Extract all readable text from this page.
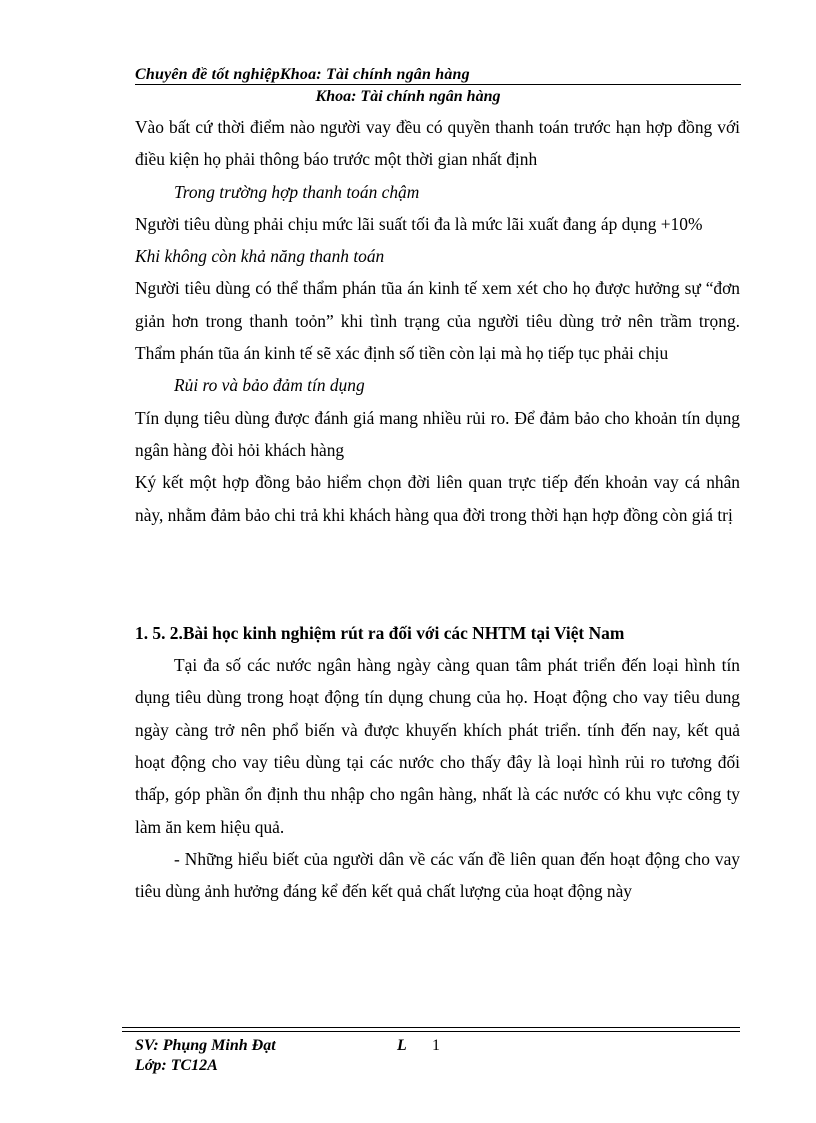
Chuyên đề tốt nghiệpKhoa: Tài chính ngân hàng
Khoa: Tài chính ngân hàng

Vào bất cứ thời điểm nào người vay đều có quyền thanh toán trước hạn hợp đồng với điều kiện họ phải thông báo trước một thời gian nhất định

Trong trường hợp thanh toán chậm

Người tiêu dùng phải chịu mức lãi suất tối đa là mức lãi xuất đang áp dụng +10%

Khi không còn khả năng thanh toán

Người tiêu dùng có thể thẩm phán tũa án kinh tế xem xét cho họ được hưởng sự “đơn giản hơn trong thanh toỏn” khi tình trạng của người tiêu dùng trở nên trầm trọng. Thẩm phán tũa án kinh tế sẽ xác định số tiền còn lại mà họ tiếp tục phải chịu

Rủi ro và bảo đảm tín dụng

Tín dụng tiêu dùng được đánh giá mang nhiều rủi ro. Để đảm bảo cho khoản tín dụng ngân hàng đòi hỏi khách hàng

Ký kết một hợp đồng bảo hiểm chọn đời liên quan trực tiếp đến khoản vay cá nhân này, nhằm đảm bảo chi trả khi khách hàng qua đời trong thời hạn hợp đồng còn giá trị

1. 5. 2.Bài học kinh nghiệm rút ra đối với các NHTM tại Việt Nam

Tại đa số các nước ngân hàng ngày càng quan tâm phát triển đến loại hình tín dụng tiêu dùng trong hoạt động tín dụng chung của họ. Hoạt động cho vay tiêu dung ngày càng trở nên phổ biến và được khuyến khích phát triển. tính đến nay, kết quả hoạt động cho vay tiêu dùng tại các nước cho thấy đây là loại hình rủi ro tương đối thấp, góp phần ổn định thu nhập cho ngân hàng, nhất là các nước có khu vực công ty làm ăn kem hiệu quả.

- Những hiểu biết của người dân về các vấn đề liên quan đến hoạt động cho vay tiêu dùng ảnh hưởng đáng kể đến kết quả chất lượng của hoạt động này

SV: Phụng Minh Đạt	L 1
Lớp: TC12A
